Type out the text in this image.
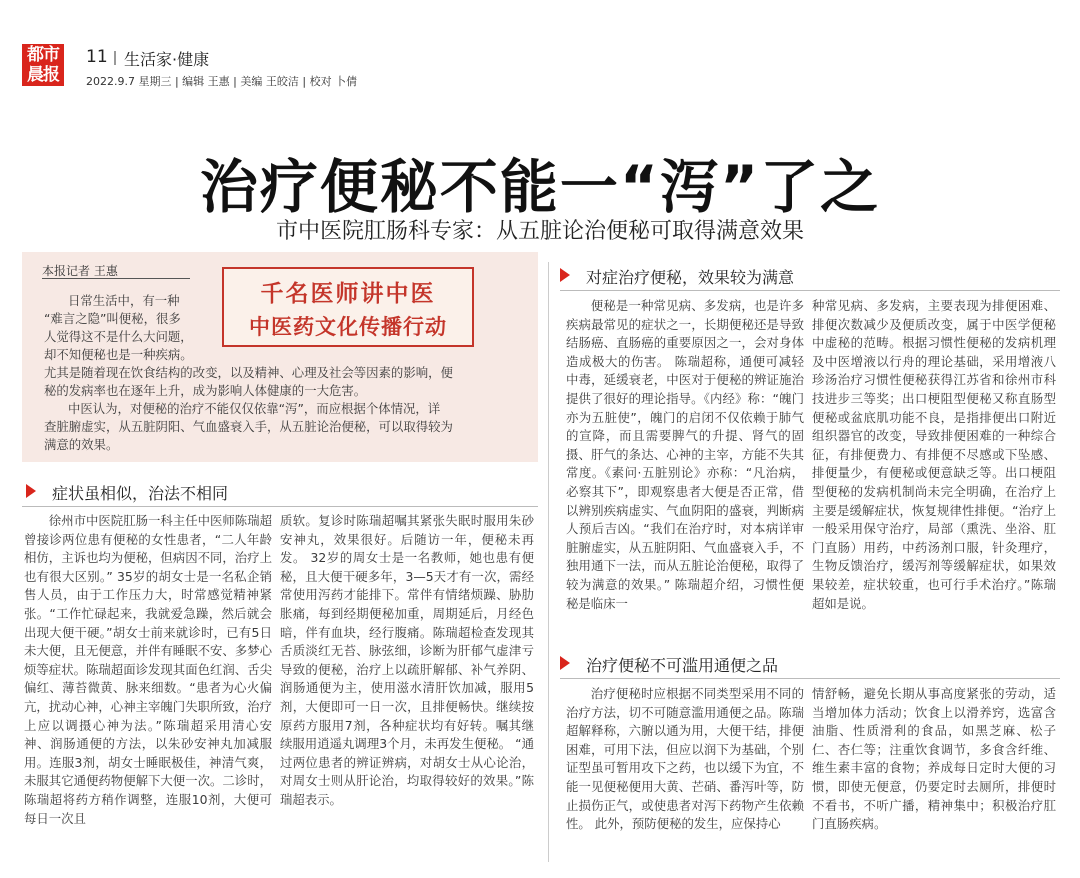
都市
晨报
11 生活家·健康
2022.9.7 星期三 | 编辑 王惠 | 美编 王皎洁 | 校对 卜倩
治疗便秘不能一“泻”了之
市中医院肛肠科专家：从五脏论治便秘可取得满意效果
本报记者 王惠
千名医师讲中医
中医药文化传播行动
日常生活中，有一种
“难言之隐”叫便秘，很多
人觉得这不是什么大问题，
却不知便秘也是一种疾病。
尤其是随着现在饮食结构的改变，以及精神、心理及社会等因素的影响，便
秘的发病率也在逐年上升，成为影响人体健康的一大危害。
中医认为，对便秘的治疗不能仅仅依靠“泻”，而应根据个体情况，详
查脏腑虚实，从五脏阴阳、气血盛衰入手，从五脏论治便秘，可以取得较为
满意的效果。
症状虽相似，治法不相同
徐州市中医院肛肠一科主任中医师陈瑞超曾接诊两位患有便秘的女性患者，“二人年龄相仿，主诉也均为便秘，但病因不同，治疗上也有很大区别。” 35岁的胡女士是一名私企销售人员，由于工作压力大，时常感觉精神紧张。“工作忙碌起来，我就爱急躁，然后就会出现大便干硬。”胡女士前来就诊时，已有5日未大便，且无便意，并伴有睡眠不安、多梦心烦等症状。陈瑞超面诊发现其面色红润、舌尖偏红、薄苔微黄、脉来细数。“患者为心火偏亢，扰动心神，心神主宰魄门失职所致，治疗上应以调摄心神为法。”陈瑞超采用清心安神、润肠通便的方法，以朱砂安神丸加减服用。连服3剂，胡女士睡眠极佳，神清气爽，未服其它通便药物便解下大便一次。二诊时，陈瑞超将药方稍作调整，连服10剂，大便可每日一次且
质软。复诊时陈瑞超嘱其紧张失眠时服用朱砂安神丸，效果很好。后随访一年，便秘未再发。 32岁的周女士是一名教师，她也患有便秘，且大便干硬多年，3—5天才有一次，需经常使用泻药才能排下。常伴有情绪烦躁、胁肋胀痛，每到经期便秘加重，周期延后，月经色暗，伴有血块，经行腹痛。陈瑞超检查发现其舌质淡红无苔、脉弦细，诊断为肝郁气虚津亏导致的便秘，治疗上以疏肝解郁、补气养阴、润肠通便为主，使用滋水清肝饮加减，服用5剂，大便即可一日一次，且排便畅快。继续按原药方服用7剂，各种症状均有好转。嘱其继续服用逍遥丸调理3个月，未再发生便秘。 “通过两位患者的辨证辨病，对胡女士从心论治，对周女士则从肝论治，均取得较好的效果。”陈瑞超表示。
对症治疗便秘，效果较为满意
便秘是一种常见病、多发病，也是许多疾病最常见的症状之一，长期便秘还是导致结肠癌、直肠癌的重要原因之一，会对身体造成极大的伤害。 陈瑞超称，通便可减轻中毒，延缓衰老，中医对于便秘的辨证施治提供了很好的理论指导。《内经》称：“魄门亦为五脏使”，魄门的启闭不仅依赖于肺气的宣降，而且需要脾气的升提、肾气的固摄、肝气的条达、心神的主宰，方能不失其常度。《素问·五脏别论》亦称：“凡治病，必察其下”，即观察患者大便是否正常，借以辨别疾病虚实、气血阴阳的盛衰，判断病人预后吉凶。“我们在治疗时，对本病详审脏腑虚实，从五脏阴阳、气血盛衰入手，不独用通下一法，而从五脏论治便秘，取得了较为满意的效果。” 陈瑞超介绍，习惯性便秘是临床一
种常见病、多发病，主要表现为排便困难、排便次数减少及便质改变，属于中医学便秘中虚秘的范畴。根据习惯性便秘的发病机理及中医增液以行舟的理论基础，采用增液八珍汤治疗习惯性便秘获得江苏省和徐州市科技进步三等奖；出口梗阻型便秘又称直肠型便秘或盆底肌功能不良，是指排便出口附近组织器官的改变，导致排便困难的一种综合征，有排便费力、有排便不尽感或下坠感、排便量少，有便秘或便意缺乏等。出口梗阻型便秘的发病机制尚未完全明确，在治疗上主要是缓解症状，恢复规律性排便。“治疗上一般采用保守治疗，局部（熏洗、坐浴、肛门直肠）用药，中药汤剂口服，针灸理疗，生物反馈治疗，缓泻剂等缓解症状，如果效果较差，症状较重，也可行手术治疗。”陈瑞超如是说。
治疗便秘不可滥用通便之品
治疗便秘时应根据不同类型采用不同的治疗方法，切不可随意滥用通便之品。陈瑞超解释称，六腑以通为用，大便干结，排便困难，可用下法，但应以润下为基础，个别证型虽可暂用攻下之药，也以缓下为宜，不能一见便秘便用大黄、芒硝、番泻叶等，防止损伤正气，或使患者对泻下药物产生依赖性。 此外，预防便秘的发生，应保持心
情舒畅，避免长期从事高度紧张的劳动，适当增加体力活动；饮食上以滑养窍，选富含油脂、性质滑利的食品，如黑芝麻、松子仁、杏仁等；注重饮食调节，多食含纤维、维生素丰富的食物；养成每日定时大便的习惯，即使无便意，仍要定时去厕所，排便时不看书，不听广播，精神集中；积极治疗肛门直肠疾病。
